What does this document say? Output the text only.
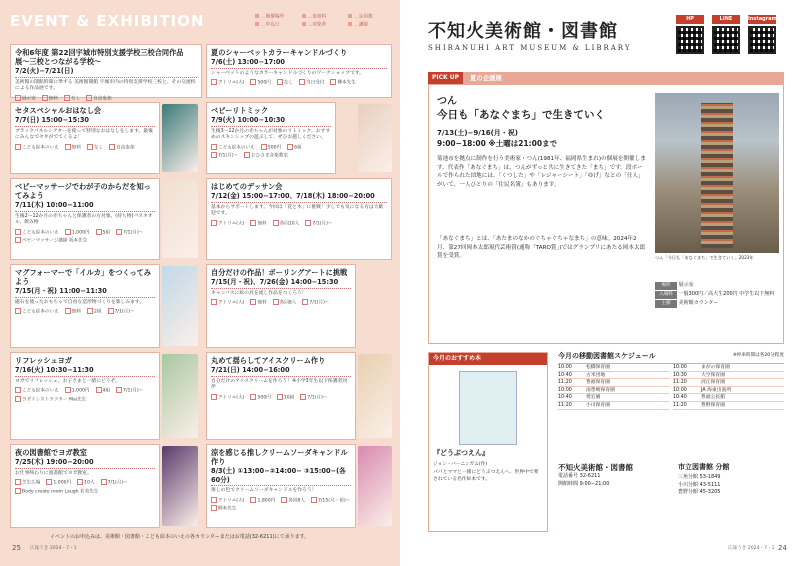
EVENT & EXHIBITION	…開催場所	…参加料	…定員数
…申込日	…対象者	…講師
令和6年度 第22回宇城市特別支援学校三校合同作品展〜三校とつながる学校〜
7/2(火)−7/21(日)
美術館の開館時間に準ずる 美術館開館 宇城市内の特別支援学校三校と、その交流校による作品展です。
展示室	無料	なし	自由参加
夏のシャーベットカラーキャンドルづくり
7/6(土) 13:00−17:00
シャーベットのようなカラーキャンドルづくりのワークショップです。
アトリエ(大)	500円	なし	当日受付	柳本先生
セタスペシャルおはなし会
7/7(日) 15:00−15:30
ブラックパネルシアターを使って特別なおはなしをします。最後にみんなでセタがでてくるよ！
こども絵本のいえ	無料	なし	自由参加
ベビーリトミック
7/9(火) 10:00−10:30
生後3〜12か月の赤ちゃんが対象のリトミック。おすすめのスキンシップの遊ぶして、ぜひお越しください。
こども絵本のいえ	500円	6組
7/1(月)〜	おひさま音楽教室
ベビーマッサージでわが子のからだを知ってみよう
7/11(木) 10:00−11:00
生後2〜12か月の赤ちゃんと保護者の方対象。(持ち物)バスタオル、飲み物
こども絵本のいえ	1,000円	5組	7/1(月)〜
ベビーマッサージ講師 坂本先生
はじめてのデッサン会
7/12(金) 15:00−17:00、7/18(木) 18:00−20:00
基本からサポートします。今回は「花と木」に挑戦！少しでも気になる方は大歓迎です。
アトリエ(大)	無料	各回10人	7/1(月)〜
マグフォーマーで「イルカ」をつくってみよう
7/15(月・祝) 11:00−11:30
磁石を使ったおもちゃで自由な造形物づくりを楽しみます。
こども絵本のいえ	無料	2組	7/1(月)〜
自分だけの作品！ボーリングアートに挑戦
7/15(月・祝)、7/26(金) 14:00−15:30
キャンバスに絵の具を流し作品をつくろう！
アトリエ(大)	無料	各回8人	7/1(月)〜
リフレッシュヨガ
7/16(火) 10:30−11:30
ヨガでリフレッシュ。お子さまと一緒にどうぞ。
こども絵本のいえ	1,000円	4組	7/1(月)〜
ヨガインストラクター Mai先生
丸めて揺らしてアイスクリーム作り
7/21(日) 14:00−16:00
自分だけのアイスクリームを作ろう！※小学3年生以下保護者同伴
アトリエ(大)	500円	10組	7/1(月)〜
夜の図書館でヨガ教室
7/25(木) 19:00−20:00
お仕事終わりに図書館でヨガ教室。
芝生広場	1,000円	10人	7/1(月)〜
Body create room Laugh 若美先生
涼を感じる推しクリームソーダキャンドル作り
8/3(土) ①13:00−②14:00− ③15:00−(各60分)
推しの色でクリームソーダキャンドルを作ろう！
アトリエ(大)	1,800円	各回8人	7/15(月・祝)〜
柳本先生
イベントのお申込みは、美術館・図書館・こども絵本のいえの各カウンターまたはお電話(32-6211)にて承ります。
25 広報うき 2024・7・1
不知火美術館・図書館
SHIRANUHI ART MUSEUM & LIBRARY
HP	LINE	Instagram
PICK UP	夏の企画展
つん
今日も「あなぐまち」で生きていく
7/13(土)−9/16(月・祝)
9:00−18:00 ※土曜は21:00まで
菊池市を拠点に制作を行う美術家・つん(1981年、福岡県生まれ)の個展を開催します。代表作「あなぐまち」は、つんがずっと共に生きてきた「まち」です。段ボールで作られた団地には、「くつした」や「レジャーシート」「ゆげ」なとの「仕人」がいて、一人ひとりの「住民名簿」もあります。
「あなぐまち」とは、「あたまのなかのぐちゃぐちゃなまち」の意味。2024年2月、第27回岡本太郎現代芸術賞(通称「TARO賞」)ではグランプリにあたる岡本太郎賞を受賞。	つん「今日も「あなぐまち」で生きていく」2023年
場所 展示室
入場料 一般300円／高大生200円 中学生以下無料
主催 美術館カウンター
今月のおすすめ本
『どうぶつえん』
ジョン・バーニンガム(作)
パパとママと一緒にどうぶつえんへ、世界中で愛されている名作絵本です。
今月の移動図書館スケジュール	※停車時間は各20分程度
10:00	松橋保育園
10:40	古米団地
11:20	豊福保育園
10:00	南豊崎保育園
10:40	愛宕園
11:20	小川保育園
10:00	まがの保育園
10:30	大空保育園
11:20	河江保育園
10:00	JA 海東出張所
10:40	豊福公民館
11:20	豊野保育園
不知火美術館・図書館
電話番号 32-6211
開館時間 9:00−21:00
市立図書館 分館
三角分館 53-1849
小川分館 43-5111
豊野分館 45-3205
24
広報うき 2024・7・1
